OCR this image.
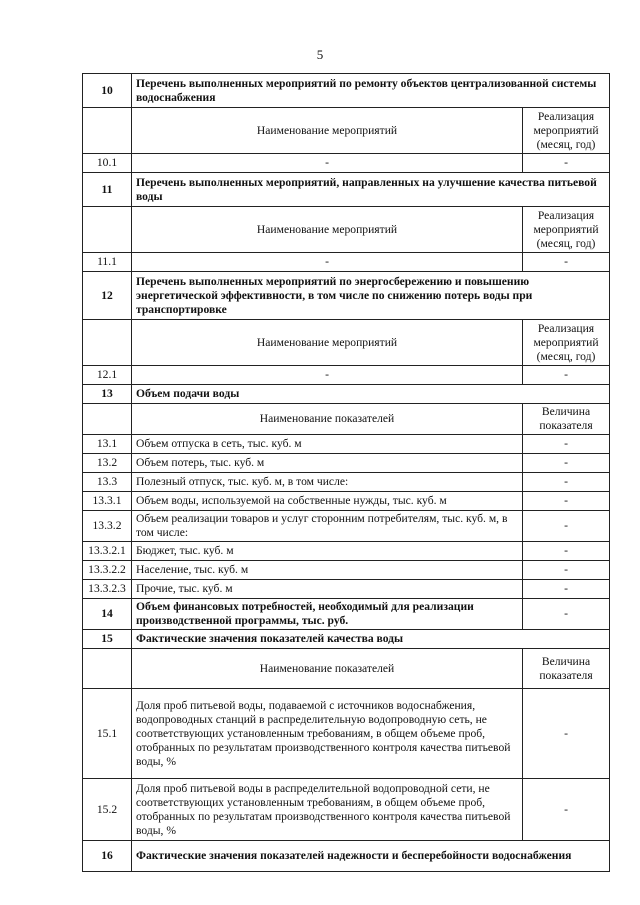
5
10	Перечень выполненных мероприятий по ремонту объектов централизованной системы водоснабжения	
	Наименование мероприятий	Реализация мероприятий (месяц, год)
10.1	-	-
11	Перечень выполненных мероприятий, направленных на улучшение качества питьевой воды	
	Наименование мероприятий	Реализация мероприятий (месяц, год)
11.1	-	-
12	Перечень выполненных мероприятий по энергосбережению и повышению энергетической эффективности, в том числе по снижению потерь воды при транспортировке	
	Наименование мероприятий	Реализация мероприятий (месяц, год)
12.1	-	-
13	Объем подачи воды	
	Наименование показателей	Величина показателя
13.1	Объем отпуска в сеть, тыс. куб. м	-
13.2	Объем потерь, тыс. куб. м	-
13.3	Полезный отпуск, тыс. куб. м, в том числе:	-
13.3.1	Объем воды, используемой на собственные нужды, тыс. куб. м	-
13.3.2	Объем реализации товаров и услуг сторонним потребителям, тыс. куб. м, в том числе:	-
13.3.2.1	Бюджет, тыс. куб. м	-
13.3.2.2	Население, тыс. куб. м	-
13.3.2.3	Прочие, тыс. куб. м	-
14	Объем финансовых потребностей, необходимый для реализации производственной программы, тыс. руб.	-
15	Фактические значения показателей качества воды	
	Наименование показателей	Величина показателя
15.1	Доля проб питьевой воды, подаваемой с источников водоснабжения, водопроводных станций в распределительную водопроводную сеть, не соответствующих установленным требованиям, в общем объеме проб, отобранных по результатам производственного контроля качества питьевой воды, %	-
15.2	Доля проб питьевой воды в распределительной водопроводной сети, не соответствующих установленным требованиям, в общем объеме проб, отобранных по результатам производственного контроля качества питьевой воды, %	-
16	Фактические значения показателей надежности и бесперебойности водоснабжения	
